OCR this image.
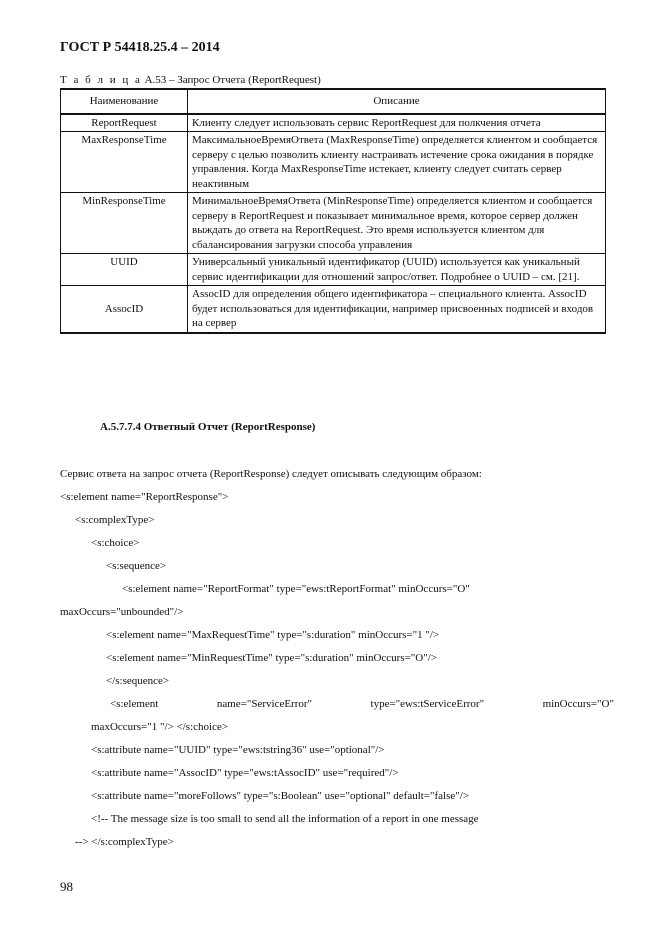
ГОСТ Р 54418.25.4 – 2014
Т а б л и ц а А.53 – Запрос Отчета (ReportRequest)
Наименование	Описание
ReportRequest	Клиенту следует использовать сервис ReportRequest для полкчения отчета
MaxResponseTime	МаксимальноеВремяОтвета (MaxResponseTime) определяется клиентом и сообщается серверу с целью позволить клиенту настраивать истечение срока ожидания в порядке управления. Когда MaxResponseTime истекает, клиенту следует считать сервер неактивным
MinResponseTime	МинимальноеВремяОтвета (MinResponseTime) определяется клиентом и сообщается серверу в ReportRequest и показывает минимальное время, которое сервер должен выждать до ответа на ReportRequest. Это время используется клиентом для сбалансирования загрузки способа управления
UUID	Универсальный уникальный идентификатор (UUID) используется как уникальный сервис идентификации для отношений запрос/ответ. Подробнее о UUID – см. [21].
AssocID	AssocID для определения общего идентификатора – специального клиента. AssocID будет использоваться для идентификации, например присвоенных подписей и входов на сервер
А.5.7.7.4 Ответный Отчет (ReportResponse)
Сервис ответа на запрос отчета (ReportResponse) следует описывать следующим образом:
<s:element name="ReportResponse">
<s:complexType>
<s:choice>
<s:sequence>
<s:element name="ReportFormat" type="ews:tReportFormat" minOccurs="O"
maxOccurs="unbounded"/>
<s:element name="MaxRequestTime" type="s:duration" minOccurs="1 "/>
<s:element name="MinRequestTime" type="s:duration" minOccurs="O"/>
</s:sequence>
<s:element	name="ServiceError"	type="ews:tServiceError"	minOccurs="O"
maxOccurs="1 "/> </s:choice>
<s:attribute name="UUID" type="ews:tstring36" use="optional"/>
<s:attribute name="AssocID" type="ews:tAssocID" use="required"/>
<s:attribute name="moreFollows" type="s:Boolean" use="optional" default="false"/>
<!-- The message size is too small to send all the information of a report in one message
--> </s:complexType>
98
